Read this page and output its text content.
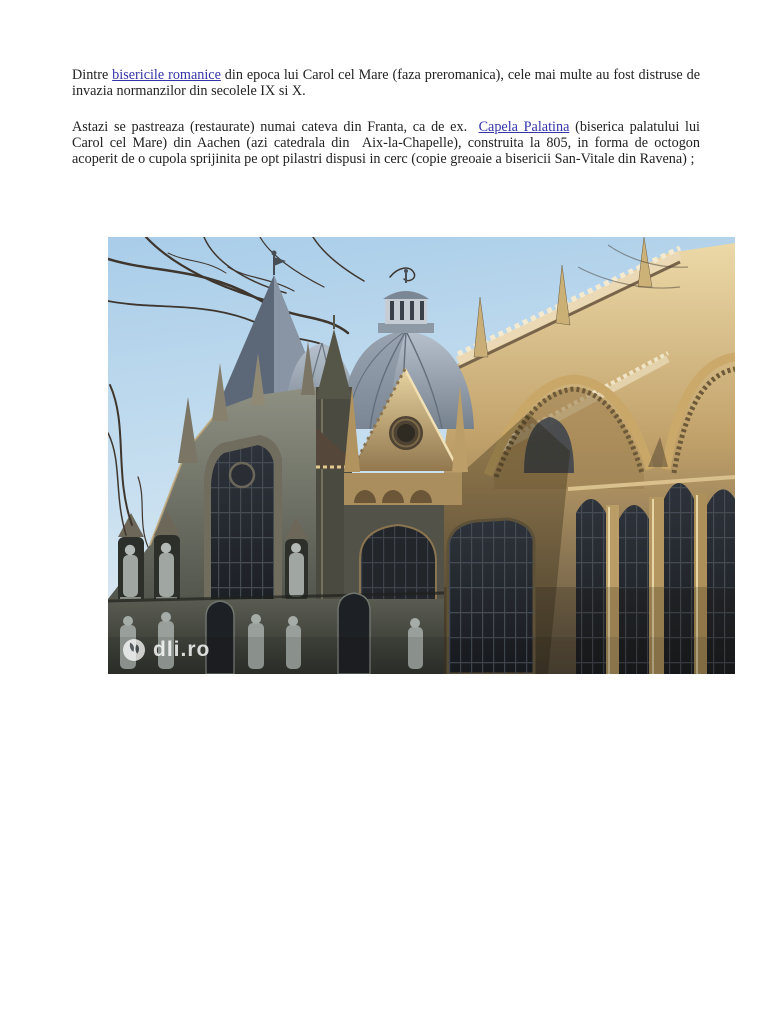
Dintre bisericile romanice din epoca lui Carol cel Mare (faza preromanica), cele mai multe au fost distruse de invazia normanzilor din secolele IX si X.

Astazi se pastreaza (restaurate) numai cateva din Franta, ca de ex.  Capela Palatina (biserica palatului lui Carol cel Mare) din Aachen (azi catedrala din  Aix-la-Chapelle), construita la 805, in forma de octogon acoperit de o cupola sprijinita pe opt pilastri dispusi in cerc (copie greoaie a bisericii San-Vitale din Ravena) ;

dli.ro
